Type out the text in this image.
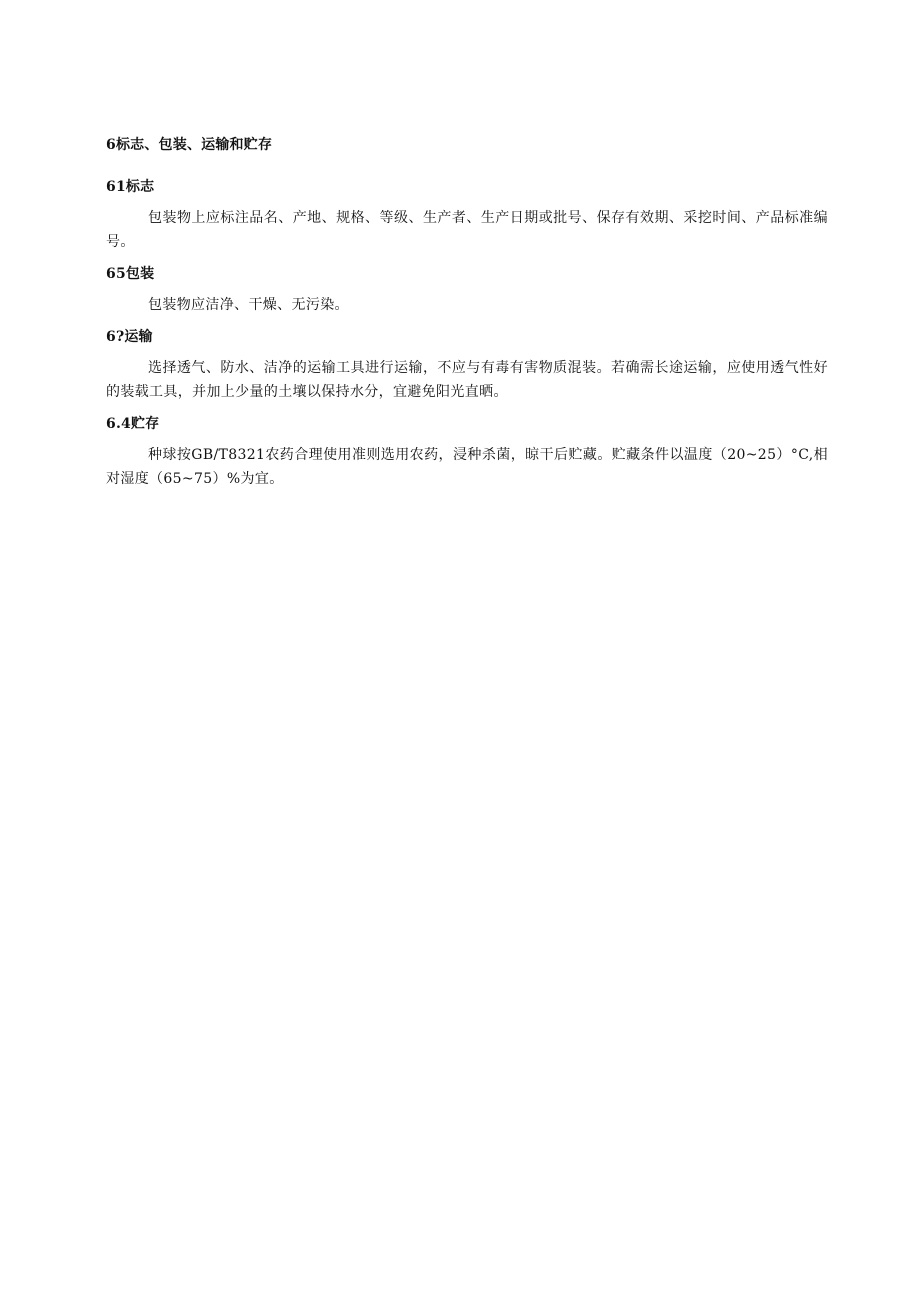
6标志、包装、运输和贮存
61标志

包装物上应标注品名、产地、规格、等级、生产者、生产日期或批号、保存有效期、采挖时间、产品标准编号。

65包装

包装物应洁净、干燥、无污染。

6?运输

选择透气、防水、洁净的运输工具进行运输，不应与有毒有害物质混装。若确需长途运输，应使用透气性好的装载工具，并加上少量的土壤以保持水分，宜避免阳光直晒。

6.4贮存

种球按GB/T8321农药合理使用准则选用农药，浸种杀菌，晾干后贮藏。贮藏条件以温度（20~25）°C,相对湿度（65~75）%为宜。
